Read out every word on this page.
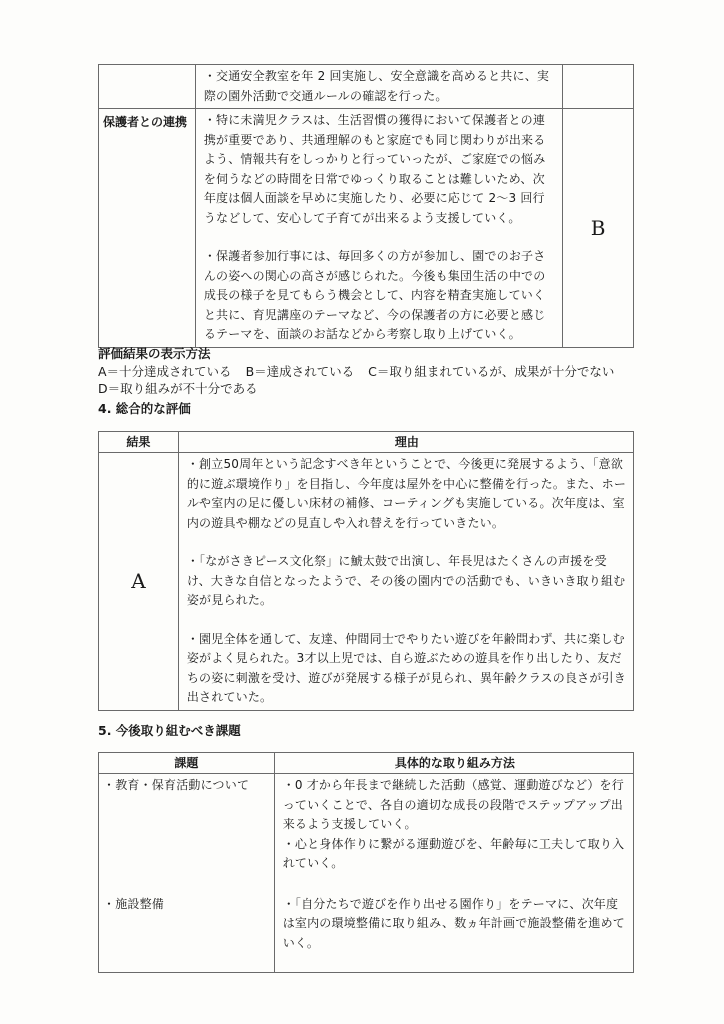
	・交通安全教室を年 2 回実施し、安全意識を高めると共に、実際の園外活動で交通ルールの確認を行った。	

保護者との連携	・特に未満児クラスは、生活習慣の獲得において保護者との連携が重要であり、共通理解のもと家庭でも同じ関わりが出来るよう、情報共有をしっかりと行っていったが、ご家庭での悩みを伺うなどの時間を日常でゆっくり取ることは難しいため、次年度は個人面談を早めに実施したり、必要に応じて 2〜3 回行うなどして、安心して子育てが出来るよう支援していく。
・保護者参加行事には、毎回多くの方が参加し、園でのお子さんの姿への関心の高さが感じられた。今後も集団生活の中での成長の様子を見てもらう機会として、内容を精査実施していくと共に、育児講座のテーマなど、今の保護者の方に必要と感じるテーマを、面談のお話などから考察し取り上げていく。	B
評価結果の表示方法
A＝十分達成されている B＝達成されている C＝取り組まれているが、成果が十分でない
D＝取り組みが不十分である
4. 総合的な評価
結果	理由
A	・創立50周年という記念すべき年ということで、今後更に発展するよう、「意欲的に遊ぶ環境作り」を目指し、今年度は屋外を中心に整備を行った。また、ホールや室内の足に優しい床材の補修、コーティングも実施している。次年度は、室内の遊具や棚などの見直しや入れ替えを行っていきたい。
・「ながさきピース文化祭」に鯱太鼓で出演し、年長児はたくさんの声援を受け、大きな自信となったようで、その後の園内での活動でも、いきいき取り組む姿が見られた。
・園児全体を通して、友達、仲間同士でやりたい遊びを年齢問わず、共に楽しむ姿がよく見られた。3才以上児では、自ら遊ぶための遊具を作り出したり、友だちの姿に刺激を受け、遊びが発展する様子が見られ、異年齢クラスの良さが引き出されていた。
5. 今後取り組むべき課題
課題	具体的な取り組み方法

・教育・保育活動について	・0 才から年長まで継続した活動（感覚、運動遊びなど）を行っていくことで、各自の適切な成長の段階でステップアップ出来るよう支援していく。
・心と身体作りに繋がる運動遊びを、年齢毎に工夫して取り入れていく。

・施設整備	・「自分たちで遊びを作り出せる園作り」をテーマに、次年度は室内の環境整備に取り組み、数ヵ年計画で施設整備を進めていく。
